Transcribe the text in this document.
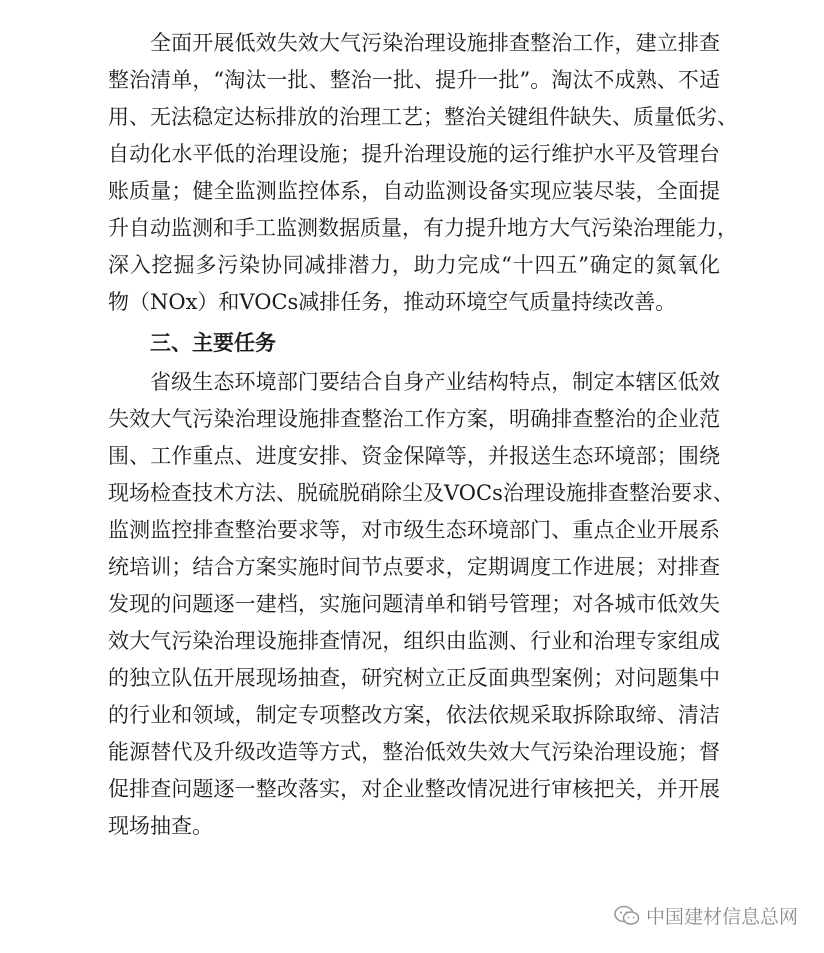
全面开展低效失效大气污染治理设施排查整治工作，建立排查
整治清单，“淘汰一批、整治一批、提升一批”。淘汰不成熟、不适
用、无法稳定达标排放的治理工艺；整治关键组件缺失、质量低劣、
自动化水平低的治理设施；提升治理设施的运行维护水平及管理台
账质量；健全监测监控体系，自动监测设备实现应装尽装，全面提
升自动监测和手工监测数据质量，有力提升地方大气污染治理能力，
深入挖掘多污染协同减排潜力，助力完成“十四五”确定的氮氧化
物（NOx）和VOCs减排任务，推动环境空气质量持续改善。
三、主要任务
省级生态环境部门要结合自身产业结构特点，制定本辖区低效
失效大气污染治理设施排查整治工作方案，明确排查整治的企业范
围、工作重点、进度安排、资金保障等，并报送生态环境部；围绕
现场检查技术方法、脱硫脱硝除尘及VOCs治理设施排查整治要求、
监测监控排查整治要求等，对市级生态环境部门、重点企业开展系
统培训；结合方案实施时间节点要求，定期调度工作进展；对排查
发现的问题逐一建档，实施问题清单和销号管理；对各城市低效失
效大气污染治理设施排查情况，组织由监测、行业和治理专家组成
的独立队伍开展现场抽查，研究树立正反面典型案例；对问题集中
的行业和领域，制定专项整改方案，依法依规采取拆除取缔、清洁
能源替代及升级改造等方式，整治低效失效大气污染治理设施；督
促排查问题逐一整改落实，对企业整改情况进行审核把关，并开展
现场抽查。
中国建材信息总网
